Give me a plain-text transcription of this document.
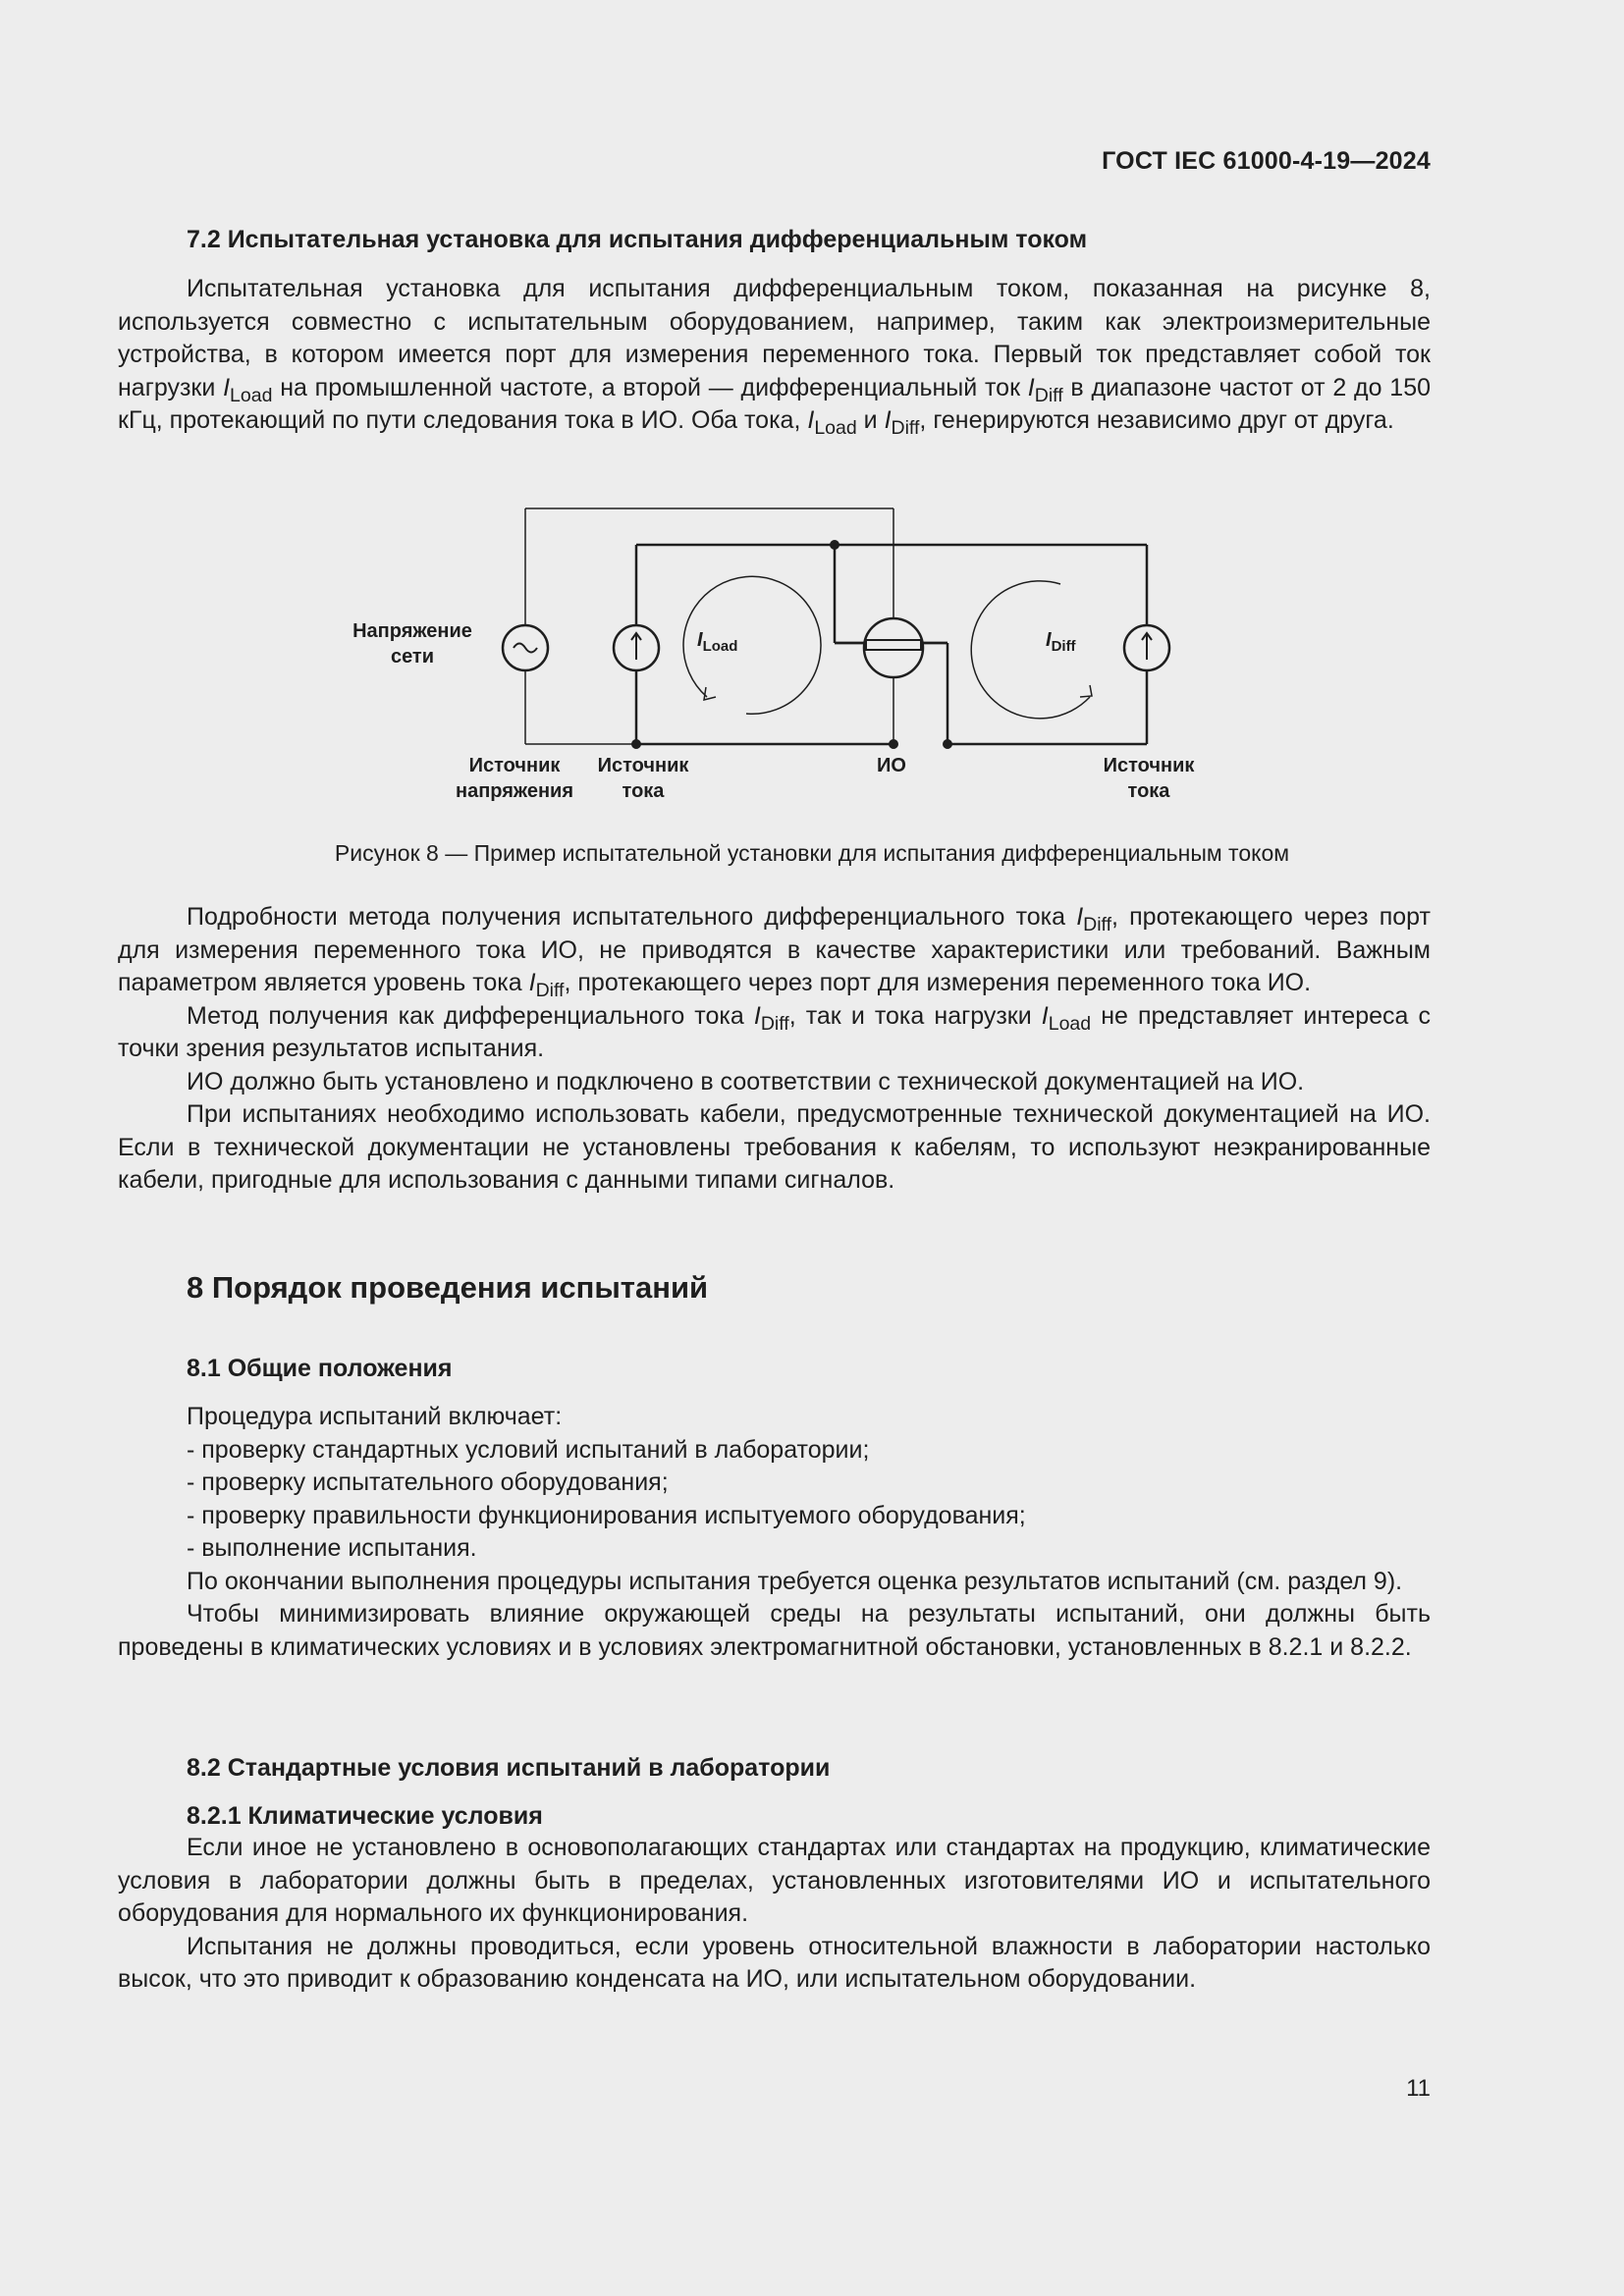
ГОСТ IEC 61000-4-19—2024
7.2 Испытательная установка для испытания дифференциальным током

Испытательная установка для испытания дифференциальным током, показанная на рисунке 8, используется совместно с испытательным оборудованием, например, таким как электроизмерительные устройства, в котором имеется порт для измерения переменного тока. Первый ток представляет собой ток нагрузки $I_{Load}$ на промышленной частоте, а второй — дифференциальный ток $I_{Diff}$ в диапазоне частот от 2 до 150 кГц, протекающий по пути следования тока в ИО. Оба тока, $I_{Load}$ и $I_{Diff}$, генерируются независимо друг от друга.

$I_{Load}$	$I_{Diff}$
Напряжение
сети
Источник
напряжения
Источник
тока
ИО	Источник
тока
Рисунок 8 — Пример испытательной установки для испытания дифференциальным током

Подробности метода получения испытательного дифференциального тока $I_{Diff}$, протекающего через порт для измерения переменного тока ИО, не приводятся в качестве характеристики или требований. Важным параметром является уровень тока $I_{Diff}$, протекающего через порт для измерения переменного тока ИО.

Метод получения как дифференциального тока $I_{Diff}$, так и тока нагрузки $I_{Load}$ не представляет интереса с точки зрения результатов испытания.

ИО должно быть установлено и подключено в соответствии с технической документацией на ИО.

При испытаниях необходимо использовать кабели, предусмотренные технической документацией на ИО. Если в технической документации не установлены требования к кабелям, то используют неэкранированные кабели, пригодные для использования с данными типами сигналов.

8 Порядок проведения испытаний
8.1 Общие положения

Процедура испытаний включает:

- проверку стандартных условий испытаний в лаборатории;
- проверку испытательного оборудования;
- проверку правильности функционирования испытуемого оборудования;
- выполнение испытания.

По окончании выполнения процедуры испытания требуется оценка результатов испытаний (см. раздел 9).

Чтобы минимизировать влияние окружающей среды на результаты испытаний, они должны быть проведены в климатических условиях и в условиях электромагнитной обстановки, установленных в 8.2.1 и 8.2.2.

8.2 Стандартные условия испытаний в лаборатории
8.2.1 Климатические условия

Если иное не установлено в основополагающих стандартах или стандартах на продукцию, климатические условия в лаборатории должны быть в пределах, установленных изготовителями ИО и испытательного оборудования для нормального их функционирования.

Испытания не должны проводиться, если уровень относительной влажности в лаборатории настолько высок, что это приводит к образованию конденсата на ИО, или испытательном оборудовании.

11
